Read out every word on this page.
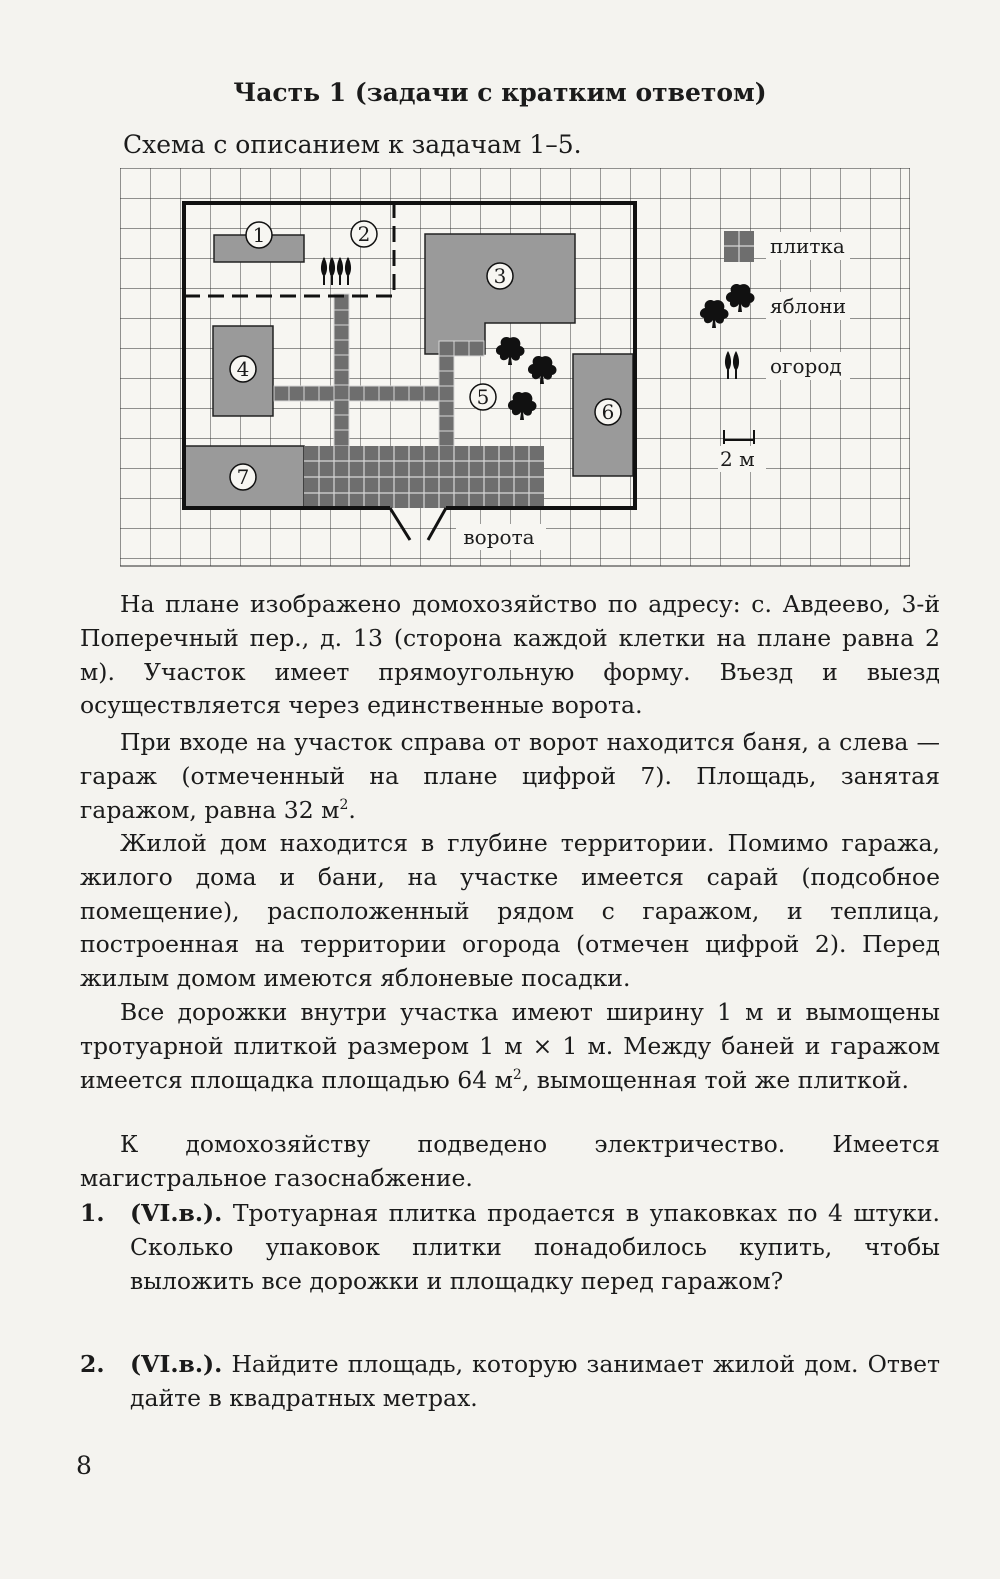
Часть 1 (задачи с кратким ответом)
Схема с описанием к задачам 1–5.
ворота
1	2
3
4
5
6
7
плитка
яблони
огород
2 м

На плане изображено домохозяйство по адресу: с. Авдеево, 3-й Поперечный пер., д. 13 (сторона каждой клетки на плане равна 2 м). Участок имеет прямоугольную форму. Въезд и выезд осуществляется через единственные ворота.

При входе на участок справа от ворот находится баня, а слева — гараж (отмеченный на плане цифрой 7). Площадь, занятая гаражом, равна 32 $м^2$.

Жилой дом находится в глубине территории. Помимо гаража, жилого дома и бани, на участке имеется сарай (подсобное помещение), расположенный рядом с гаражом, и теплица, построенная на территории огорода (отмечен цифрой 2). Перед жилым домом имеются яблоневые посадки.

Все дорожки внутри участка имеют ширину 1 м и вымощены тротуарной плиткой размером 1 м × 1 м. Между баней и гаражом имеется площадка площадью 64 $м^2$, вымощенная той же плиткой.

К домохозяйству подведено электричество. Имеется магистральное газоснабжение.

1. (VI.в.). Тротуарная плитка продается в упаковках по 4 штуки. Сколько упаковок плитки понадобилось купить, чтобы выложить все дорожки и площадку перед гаражом?

2. (VI.в.). Найдите площадь, которую занимает жилой дом. Ответ дайте в квадратных метрах.

8
